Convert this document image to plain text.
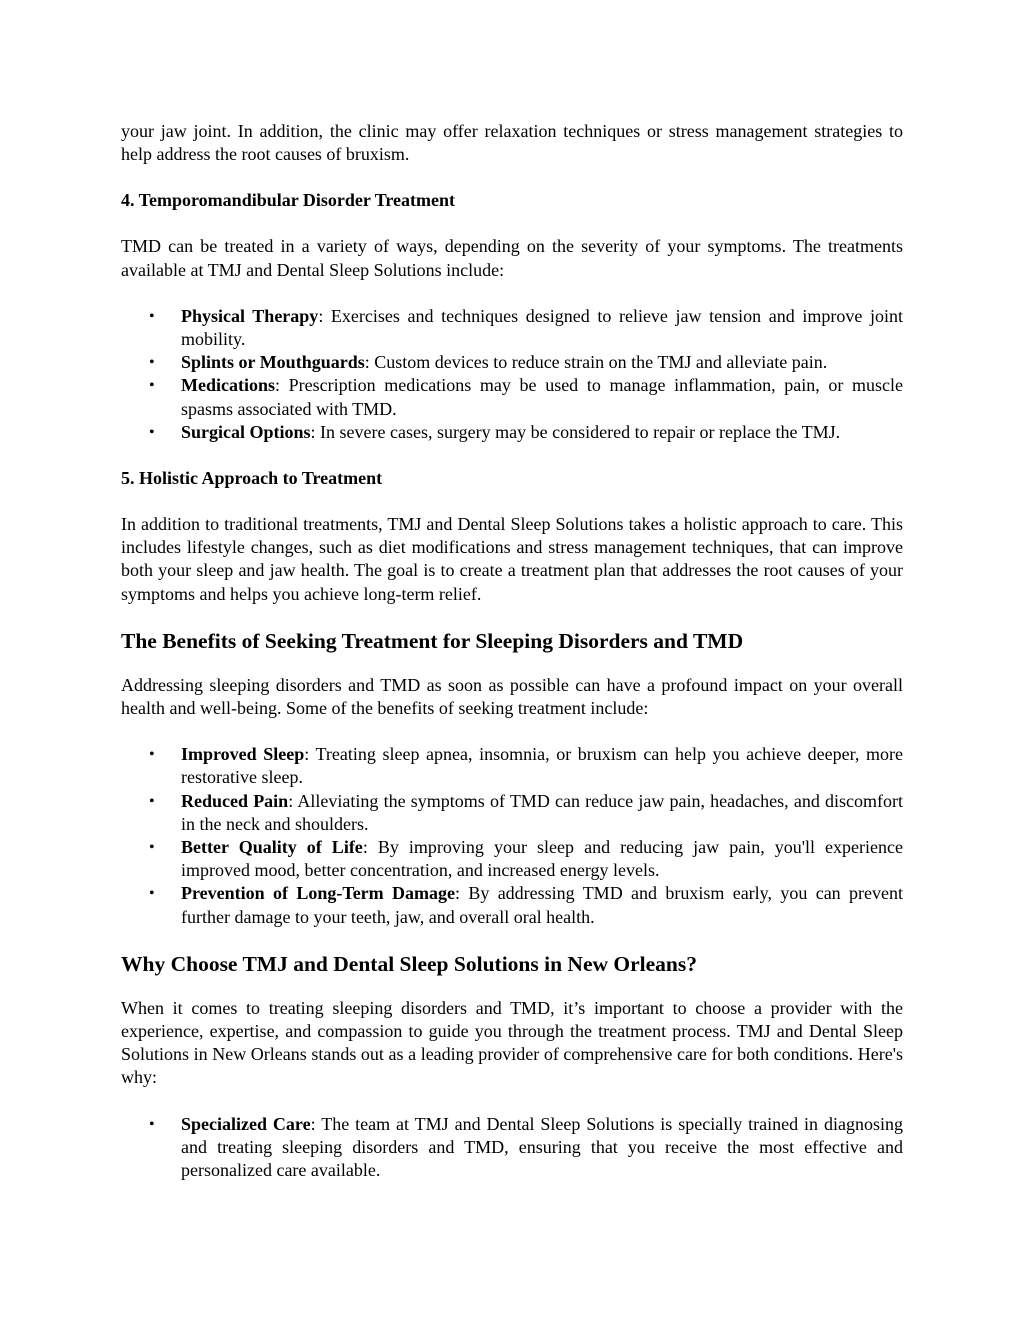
your jaw joint. In addition, the clinic may offer relaxation techniques or stress management strategies to help address the root causes of bruxism.

4. Temporomandibular Disorder Treatment

TMD can be treated in a variety of ways, depending on the severity of your symptoms. The treatments available at TMJ and Dental Sleep Solutions include:

• Physical Therapy: Exercises and techniques designed to relieve jaw tension and improve joint mobility.
• Splints or Mouthguards: Custom devices to reduce strain on the TMJ and alleviate pain.
• Medications: Prescription medications may be used to manage inflammation, pain, or muscle spasms associated with TMD.
• Surgical Options: In severe cases, surgery may be considered to repair or replace the TMJ.
5. Holistic Approach to Treatment

In addition to traditional treatments, TMJ and Dental Sleep Solutions takes a holistic approach to care. This includes lifestyle changes, such as diet modifications and stress management techniques, that can improve both your sleep and jaw health. The goal is to create a treatment plan that addresses the root causes of your symptoms and helps you achieve long-term relief.

The Benefits of Seeking Treatment for Sleeping Disorders and TMD

Addressing sleeping disorders and TMD as soon as possible can have a profound impact on your overall health and well-being. Some of the benefits of seeking treatment include:

• Improved Sleep: Treating sleep apnea, insomnia, or bruxism can help you achieve deeper, more restorative sleep.
• Reduced Pain: Alleviating the symptoms of TMD can reduce jaw pain, headaches, and discomfort in the neck and shoulders.
• Better Quality of Life: By improving your sleep and reducing jaw pain, you'll experience improved mood, better concentration, and increased energy levels.
• Prevention of Long-Term Damage: By addressing TMD and bruxism early, you can prevent further damage to your teeth, jaw, and overall oral health.
Why Choose TMJ and Dental Sleep Solutions in New Orleans?

When it comes to treating sleeping disorders and TMD, it’s important to choose a provider with the experience, expertise, and compassion to guide you through the treatment process. TMJ and Dental Sleep Solutions in New Orleans stands out as a leading provider of comprehensive care for both conditions. Here's why:

• Specialized Care: The team at TMJ and Dental Sleep Solutions is specially trained in diagnosing and treating sleeping disorders and TMD, ensuring that you receive the most effective and personalized care available.
